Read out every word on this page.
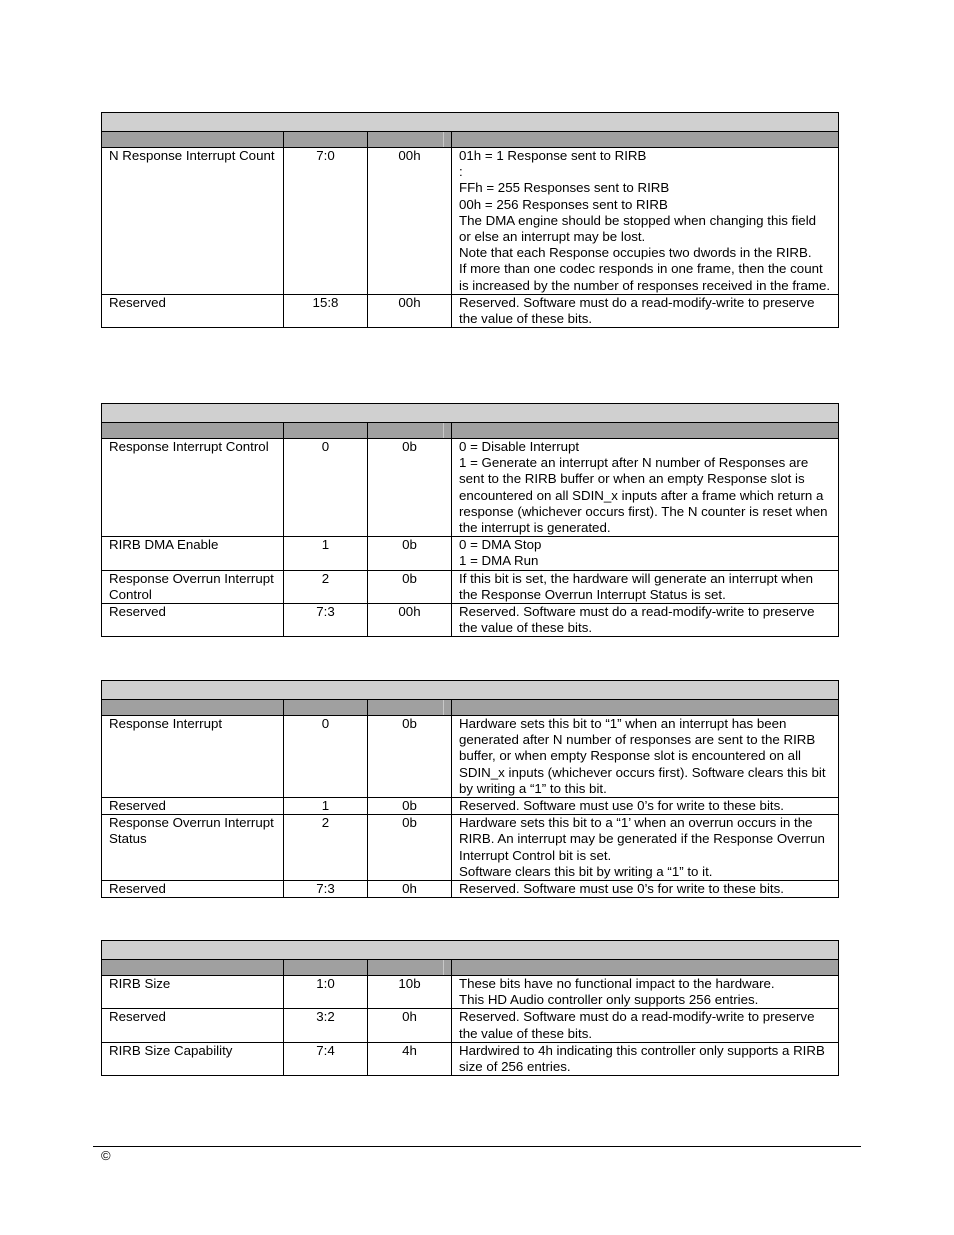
N Response Interrupt Count	7:0	00h	01h = 1 Response sent to RIRB
:
FFh = 255 Responses sent to RIRB
00h = 256 Responses sent to RIRB
The DMA engine should be stopped when changing this field or else an interrupt may be lost.
Note that each Response occupies two dwords in the RIRB.
If more than one codec responds in one frame, then the count is increased by the number of responses received in the frame.

Reserved	15:8	00h	Reserved. Software must do a read-modify-write to preserve the value of these bits.

Response Interrupt Control	0	0b	0 = Disable Interrupt
1 = Generate an interrupt after N number of Responses are sent to the RIRB buffer or when an empty Response slot is encountered on all SDIN_x inputs after a frame which return a response (whichever occurs first). The N counter is reset when the interrupt is generated.

RIRB DMA Enable	1	0b	0 = DMA Stop
1 = DMA Run

Response Overrun Interrupt Control	2	0b	If this bit is set, the hardware will generate an interrupt when the Response Overrun Interrupt Status is set.

Reserved	7:3	00h	Reserved. Software must do a read-modify-write to preserve the value of these bits.

Response Interrupt	0	0b	Hardware sets this bit to “1” when an interrupt has been generated after N number of responses are sent to the RIRB buffer, or when empty Response slot is encountered on all SDIN_x inputs (whichever occurs first). Software clears this bit by writing a “1” to this bit.

Reserved	1	0b	Reserved. Software must use 0’s for write to these bits.

Response Overrun Interrupt Status	2	0b	Hardware sets this bit to a “1’ when an overrun occurs in the RIRB. An interrupt may be generated if the Response Overrun Interrupt Control bit is set.
Software clears this bit by writing a “1” to it.

Reserved	7:3	0h	Reserved. Software must use 0’s for write to these bits.

RIRB Size	1:0	10b	These bits have no functional impact to the hardware.
This HD Audio controller only supports 256 entries.

Reserved	3:2	0h	Reserved. Software must do a read-modify-write to preserve the value of these bits.

RIRB Size Capability	7:4	4h	Hardwired to 4h indicating this controller only supports a RIRB size of 256 entries.
©
